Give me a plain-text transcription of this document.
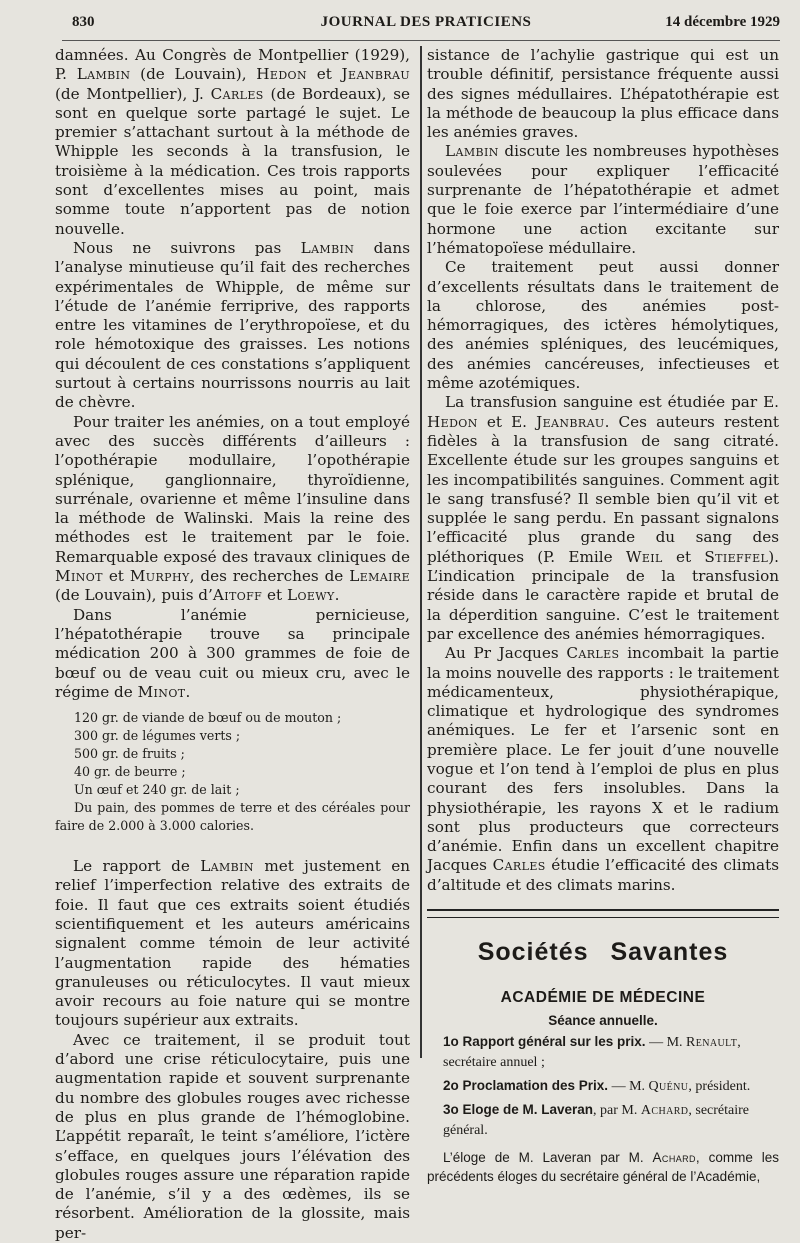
JOURNAL DES PRATICIENS
830	14 décembre 1929

damnées. Au Congrès de Montpellier (1929), P. Lambin (de Louvain), Hedon et Jeanbrau (de Montpellier), J. Carles (de Bordeaux), se sont en quelque sorte partagé le sujet. Le premier s’attachant surtout à la méthode de Whipple les seconds à la transfusion, le troisième à la médication. Ces trois rapports sont d’excellentes mises au point, mais somme toute n’apportent pas de notion nouvelle.

Nous ne suivrons pas Lambin dans l’analyse minutieuse qu’il fait des recherches expérimentales de Whipple, de même sur l’étude de l’anémie ferriprive, des rapports entre les vitamines de l’erythropoïese, et du role hémotoxique des graisses. Les notions qui découlent de ces constations s’appliquent surtout à certains nourrissons nourris au lait de chèvre.

Pour traiter les anémies, on a tout employé avec des succès différents d’ailleurs : l’opothérapie modullaire, l’opothérapie splénique, ganglionnaire, thyroïdienne, surrénale, ovarienne et même l’insuline dans la méthode de Walinski. Mais la reine des méthodes est le traitement par le foie. Remarquable exposé des travaux cliniques de Minot et Murphy, des recherches de Lemaire (de Louvain), puis d’Aitoff et Loewy.

Dans l’anémie pernicieuse, l’hépatothérapie trouve sa principale médication 200 à 300 grammes de foie de bœuf ou de veau cuit ou mieux cru, avec le régime de Minot.

120 gr. de viande de bœuf ou de mouton ;
300 gr. de légumes verts ;
500 gr. de fruits ;
40 gr. de beurre ;
Un œuf et 240 gr. de lait ;
Du pain, des pommes de terre et des céréales pour faire de 2.000 à 3.000 calories.

Le rapport de Lambin met justement en relief l’imperfection relative des extraits de foie. Il faut que ces extraits soient étudiés scientifiquement et les auteurs américains signalent comme témoin de leur activité l’augmentation rapide des hématies granuleuses ou réticulocytes. Il vaut mieux avoir recours au foie nature qui se montre toujours supérieur aux extraits.

Avec ce traitement, il se produit tout d’abord une crise réticulocytaire, puis une augmentation rapide et souvent surprenante du nombre des globules rouges avec richesse de plus en plus grande de l’hémoglobine. L’appétit reparaît, le teint s’améliore, l’ictère s’efface, en quelques jours l’élévation des globules rouges assure une réparation rapide de l’anémie, s’il y a des œdèmes, ils se résorbent. Amélioration de la glossite, mais per-

sistance de l’achylie gastrique qui est un trouble définitif, persistance fréquente aussi des signes médullaires. L’hépatothérapie est la méthode de beaucoup la plus efficace dans les anémies graves.

Lambin discute les nombreuses hypothèses soulevées pour expliquer l’efficacité surprenante de l’hépatothérapie et admet que le foie exerce par l’intermédiaire d’une hormone une action excitante sur l’hématopoïese médullaire.

Ce traitement peut aussi donner d’excellents résultats dans le traitement de la chlorose, des anémies post-hémorragiques, des ictères hémolytiques, des anémies spléniques, des leucémiques, des anémies cancéreuses, infectieuses et même azotémiques.

La transfusion sanguine est étudiée par E. Hedon et E. Jeanbrau. Ces auteurs restent fidèles à la transfusion de sang citraté. Excellente étude sur les groupes sanguins et les incompatibilités sanguines. Comment agit le sang transfusé? Il semble bien qu’il vit et supplée le sang perdu. En passant signalons l’efficacité plus grande du sang des pléthoriques (P. Emile Weil et Stieffel). L’indication principale de la transfusion réside dans le caractère rapide et brutal de la déperdition sanguine. C’est le traitement par excellence des anémies hémorragiques.

Au Pr Jacques Carles incombait la partie la moins nouvelle des rapports : le traitement médicamenteux, physiothérapique, climatique et hydrologique des syndromes anémiques. Le fer et l’arsenic sont en première place. Le fer jouit d’une nouvelle vogue et l’on tend à l’emploi de plus en plus courant des fers insolubles. Dans la physiothérapie, les rayons X et le radium sont plus producteurs que correcteurs d’anémie. Enfin dans un excellent chapitre Jacques Carles étudie l’efficacité des climats d’altitude et des climats marins.

Sociétés Savantes
ACADÉMIE DE MÉDECINE
Séance annuelle.
1o Rapport général sur les prix. — M. Renault, secrétaire annuel ;
2o Proclamation des Prix. — M. Quénu, président.
3o Eloge de M. Laveran, par M. Achard, secrétaire général.
L’éloge de M. Laveran par M. Achard, comme les précédents éloges du secrétaire général de l’Académie,
